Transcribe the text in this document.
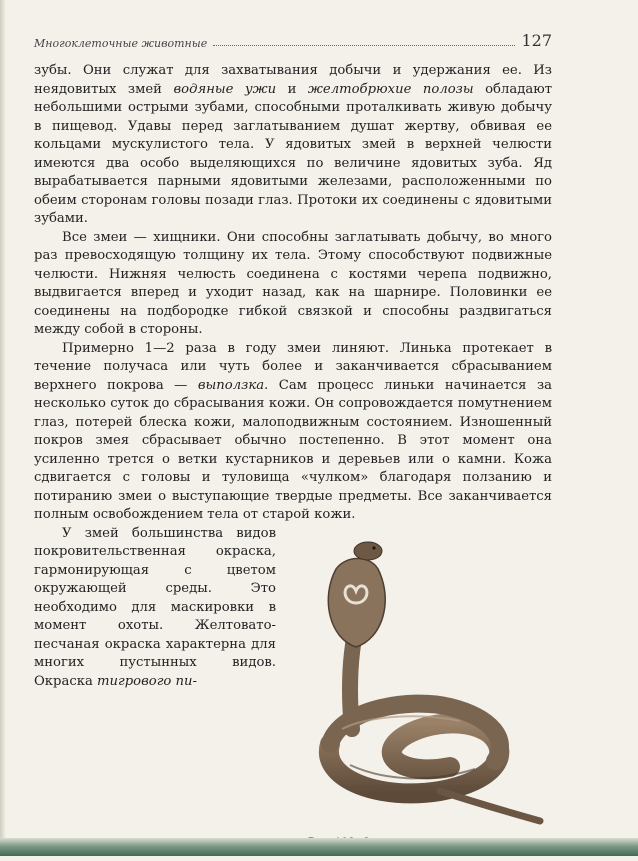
Многоклеточные животные	127

зубы. Они служат для захватывания добычи и удержания ее. Из неядовитых змей водяные ужи и желтобрюхие полозы обладают небольшими острыми зубами, способными проталкивать живую добычу в пищевод. Удавы перед заглатыванием душат жертву, обвивая ее кольцами мускулистого тела. У ядовитых змей в верхней челюсти имеются два особо выделяющихся по величине ядовитых зуба. Яд вырабатывается парными ядовитыми железами, расположенными по обеим сторонам головы позади глаз. Протоки их соединены с ядовитыми зубами.

Все змеи — хищники. Они способны заглатывать добычу, во много раз превосходящую толщину их тела. Этому способствуют подвижные челюсти. Нижняя челюсть соединена с костями черепа подвижно, выдвигается вперед и уходит назад, как на шарнире. Половинки ее соединены на подбородке гибкой связкой и способны раздвигаться между собой в стороны.

Примерно 1—2 раза в году змеи линяют. Линька протекает в течение получаса или чуть более и заканчивается сбрасыванием верхнего покрова — выползка. Сам процесс линьки начинается за несколько суток до сбрасывания кожи. Он сопровождается помутнением глаз, потерей блеска кожи, малоподвижным состоянием. Изношенный покров змея сбрасывает обычно постепенно. В этот момент она усиленно трется о ветки кустарников и деревьев или о камни. Кожа сдвигается с головы и туловища «чулком» благодаря ползанию и потиранию змеи о выступающие твердые предметы. Все заканчивается полным освобождением тела от старой кожи.

У змей большинства видов покровительственная окраска, гармонирующая с цветом окружающей среды. Это необходимо для маскировки в момент охоты. Желтовато-песчаная окраска характерна для многих пустынных видов. Окраска тигрового пи-
